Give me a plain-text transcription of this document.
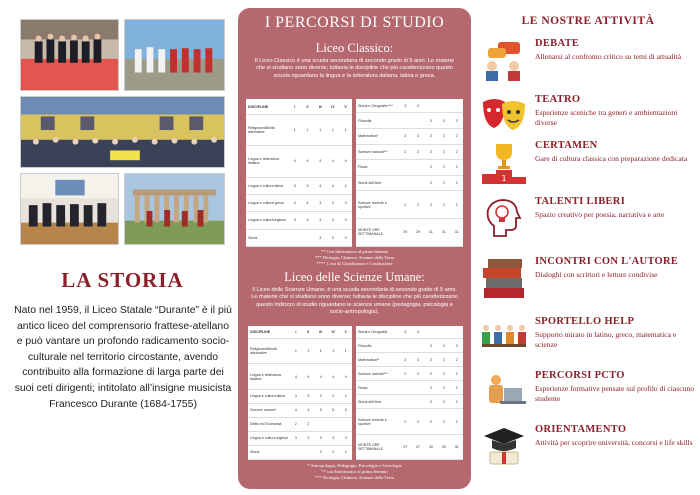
LA STORIA
Nato nel 1959, il Liceo Statale “Durante” è il più antico liceo del comprensorio frattese-atellano e può vantare un profondo radicamento socio-culturale nel territorio circostante, avendo contribuito alla formazione di larga parte dei suoi ceti dirigenti; intitolato all’insigne musicista Francesco Durante (1684-1755)
I PERCORSI DI STUDIO
Liceo Classico:
Il Liceo Classico è una scuola secondaria di secondo grado di 5 anni. Le materie che si studiano sono diverse; tuttavia le discipline che più caratterizzano questo scuola riguardano la lingua e la letteratura italiana, latina e greca.
DISCIPLINE	I	II	III	IV	V
Religione/Attività alternative	1	1	1	1	1
Lingua e letteratura italiana	4	4	4	4	4
Lingua e cultura latina	5	5	4	4	4
Lingua e cultura greca	4	4	3	3	3
Lingua e cultura inglese	3	3	3	3	3
Storia			3	3	3
Storia e Geografia****	3	3			
Filosofia			3	3	3
Matematica*	3	3	2	2	2
Scienze naturali***	2	2	2	2	2
Fisica			2	2	2
Storia dell'Arte			2	2	2
Scienze motorie e sportive	2	2	2	2	2
MONTE ORE SETTIMANALE	29	29	31	31	31
** Con Informatica al primo biennio
*** Biologia, Chimica, Scienze della Terra
**** 1 ora di Cittadinanza e Costituzione
Liceo delle Scienze Umane:
Il Liceo delle Scienze Umane, è una scuola secondaria di secondo grado di 5 anni. Le materie che si studiano sono diverse; tuttavia le discipline che più caratterizzano questo indirizzo di studio riguardano le scienze umane (pedagogia, psicologia e socio-antropologia).
DISCIPLINE	I	II	III	IV	V
Religione/Attività alternative	1	1	1	1	1
Lingua e letteratura italiana	4	4	4	4	4
Lingua e cultura latina	3	3	2	2	2
Scienze umane*	4	4	5	5	5
Diritto ed Economia	2	2			
Lingua e cultura inglese	3	3	3	3	3
Storia			2	2	2
Storia e Geografia	3	3			
Filosofia			3	3	3
Matematica**	3	3	2	2	2
Scienze naturali***	2	2	2	2	2
Fisica			2	2	2
Storia dell'Arte			2	2	2
Scienze motorie e sportive	2	2	2	2	2
MONTE ORE SETTIMANALE	27	27	30	30	30
* Antropologia, Pedagogia, Psicologia e Sociologia
** con Informatica al primo biennio
*** Biologia, Chimica, Scienze della Terra
LE NOSTRE ATTIVITÀ
DEBATE
Allenarsi al confronto critico su temi di attualità
TEATRO
Esperienze sceniche tra generi e ambientazioni diverse
1
CERTAMEN
Gare di cultura classica con preparazione dedicata
TALENTI LIBERI
Spazio creativo per poesia, narrativa e arte
INCONTRI CON L'AUTORE
Dialoghi con scrittori e letture condivise
SPORTELLO HELP
Supporto mirato in latino, greco, matematica e scienze
PERCORSI PCTO
Esperienze formative pensate sul profilo di ciascuno studente
ORIENTAMENTO
Attività per scoprire università, concorsi e life skills
